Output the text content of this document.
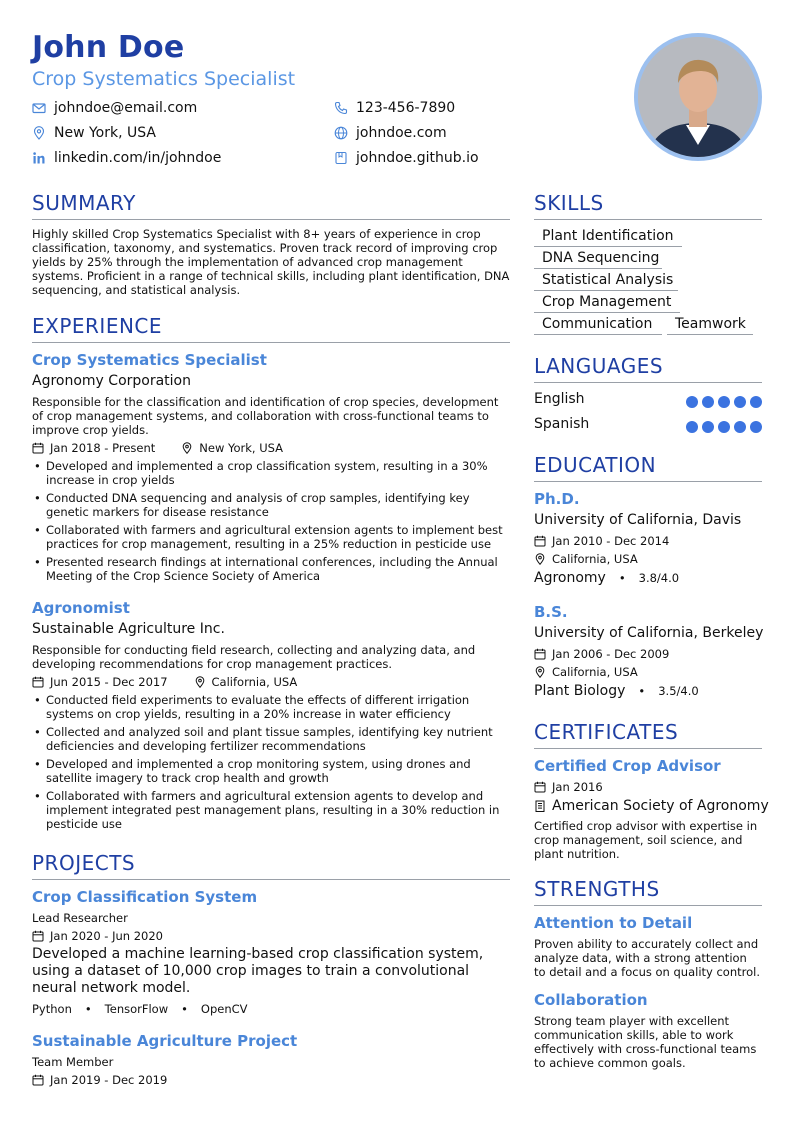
John Doe
Crop Systematics Specialist
johndoe@email.com	123-456-7890
New York, USA	johndoe.com
linkedin.com/in/johndoe	johndoe.github.io
SUMMARY
Highly skilled Crop Systematics Specialist with 8+ years of experience in crop classification, taxonomy, and systematics. Proven track record of improving crop yields by 25% through the implementation of advanced crop management systems. Proficient in a range of technical skills, including plant identification, DNA sequencing, and statistical analysis.
EXPERIENCE
Crop Systematics Specialist
Agronomy Corporation
Responsible for the classification and identification of crop species, development of crop management systems, and collaboration with cross-functional teams to improve crop yields.
Jan 2018 - Present	New York, USA
• Developed and implemented a crop classification system, resulting in a 30% increase in crop yields
• Conducted DNA sequencing and analysis of crop samples, identifying key genetic markers for disease resistance
• Collaborated with farmers and agricultural extension agents to implement best practices for crop management, resulting in a 25% reduction in pesticide use
• Presented research findings at international conferences, including the Annual Meeting of the Crop Science Society of America
Agronomist
Sustainable Agriculture Inc.
Responsible for conducting field research, collecting and analyzing data, and developing recommendations for crop management practices.
Jun 2015 - Dec 2017	California, USA
• Conducted field experiments to evaluate the effects of different irrigation systems on crop yields, resulting in a 20% increase in water efficiency
• Collected and analyzed soil and plant tissue samples, identifying key nutrient deficiencies and developing fertilizer recommendations
• Developed and implemented a crop monitoring system, using drones and satellite imagery to track crop health and growth
• Collaborated with farmers and agricultural extension agents to develop and implement integrated pest management plans, resulting in a 30% reduction in pesticide use
PROJECTS
Crop Classification System
Lead Researcher
Jan 2020 - Jun 2020
Developed a machine learning-based crop classification system, using a dataset of 10,000 crop images to train a convolutional neural network model.
Python • TensorFlow • OpenCV
Sustainable Agriculture Project
Team Member
Jan 2019 - Dec 2019
SKILLS
Plant Identification
DNA Sequencing
Statistical Analysis
Crop Management
Communication	Teamwork
LANGUAGES
English
Spanish
EDUCATION
Ph.D.
University of California, Davis
Jan 2010 - Dec 2014
California, USA
Agronomy • 3.8/4.0
B.S.
University of California, Berkeley
Jan 2006 - Dec 2009
California, USA
Plant Biology • 3.5/4.0
CERTIFICATES
Certified Crop Advisor
Jan 2016
American Society of Agronomy
Certified crop advisor with expertise in crop management, soil science, and plant nutrition.
STRENGTHS
Attention to Detail
Proven ability to accurately collect and analyze data, with a strong attention to detail and a focus on quality control.
Collaboration
Strong team player with excellent communication skills, able to work effectively with cross-functional teams to achieve common goals.
